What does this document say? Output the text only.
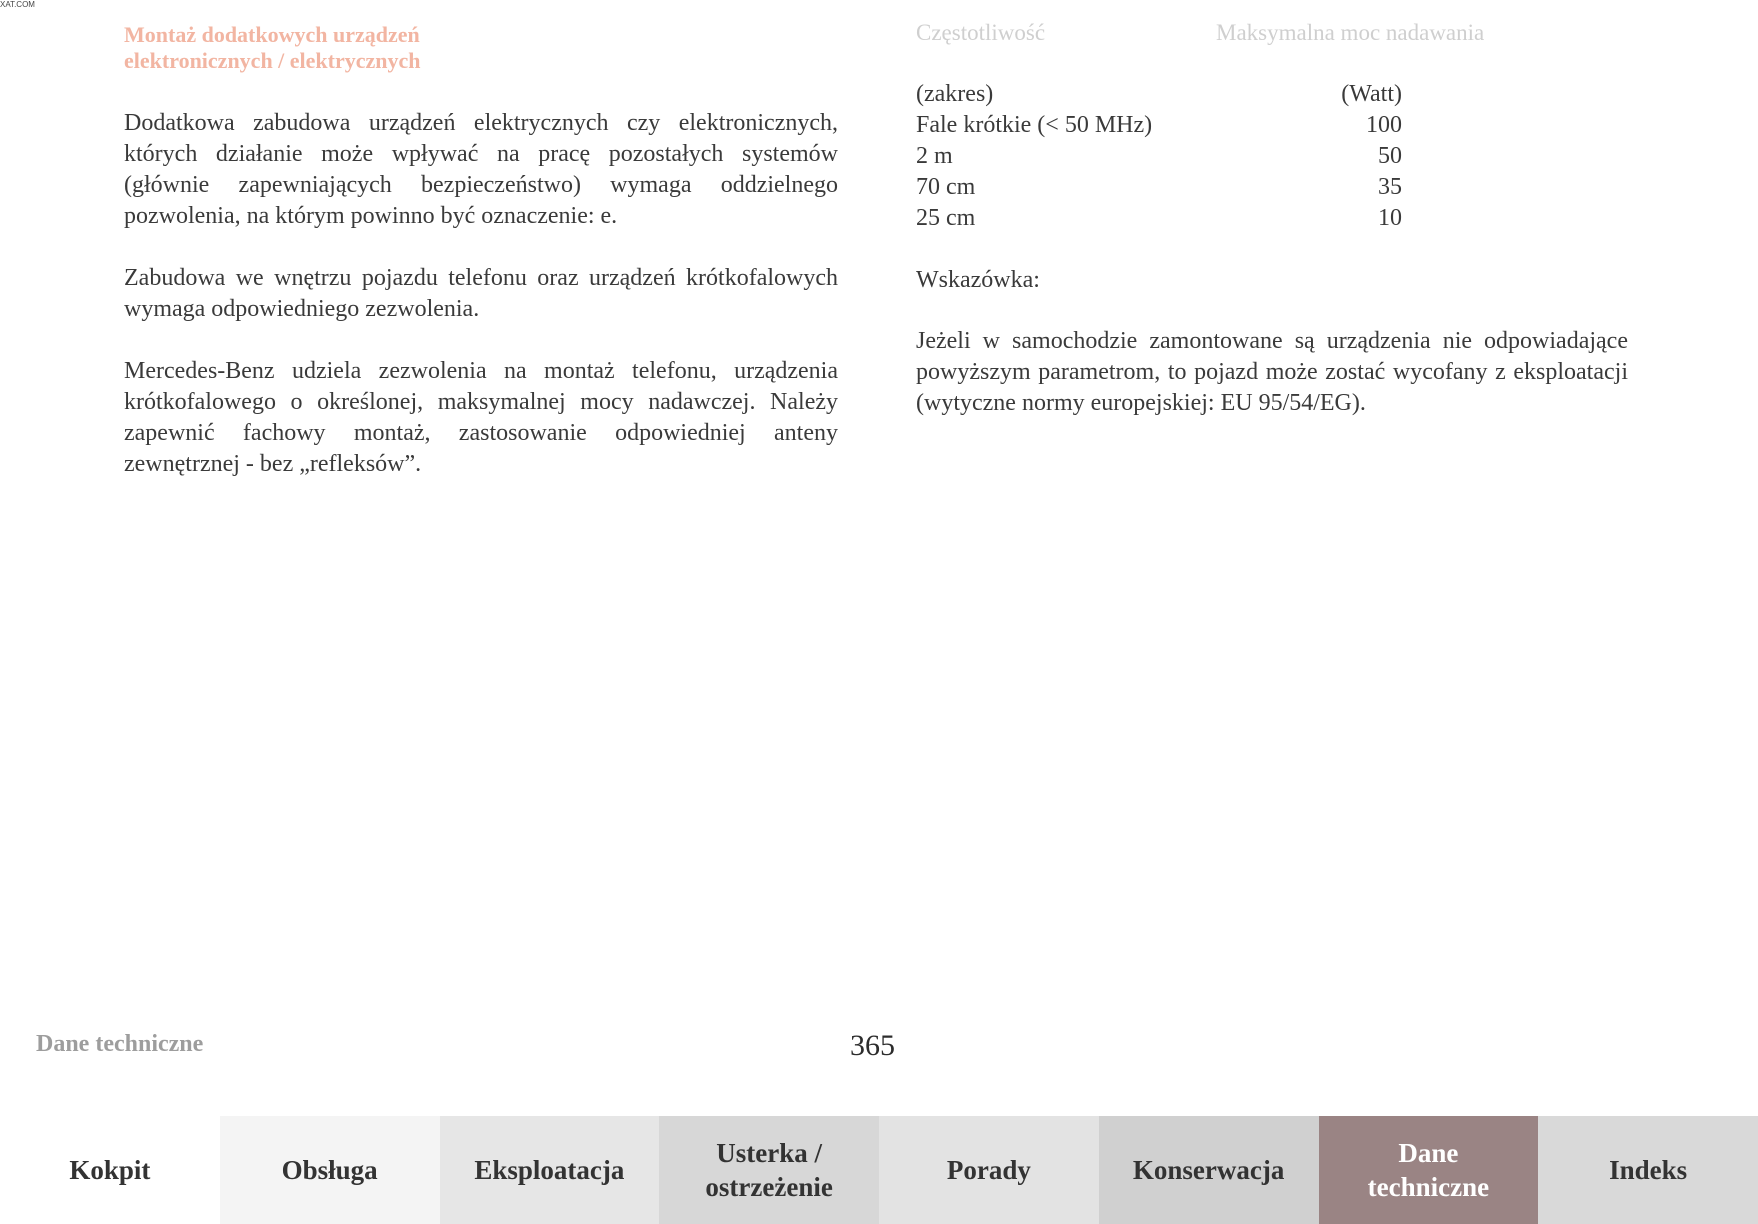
XAT.COM
Montaż dodatkowych urządzeń
elektronicznych / elektrycznych

Dodatkowa zabudowa urządzeń elektrycznych czy elektronicznych, których działanie może wpływać na pracę pozostałych systemów (głównie zapewniających bezpieczeństwo) wymaga oddzielnego pozwolenia, na którym powinno być oznaczenie: e.

Zabudowa we wnętrzu pojazdu telefonu oraz urządzeń krótkofalowych wymaga odpowiedniego zezwolenia.

Mercedes-Benz udziela zezwolenia na montaż telefonu, urządzenia krótkofalowego o określonej, maksymalnej mocy nadawczej. Należy zapewnić fachowy montaż, zastosowanie odpowiedniej anteny zewnętrznej - bez „refleksów”.

Częstotliwość	Maksymalna moc nadawania
(zakres)	(Watt)
Fale krótkie (< 50 MHz)	100
2 m	50
70 cm	35
25 cm	10
Wskazówka:
Jeżeli w samochodzie zamontowane są urządzenia nie odpowiadające powyższym parametrom, to pojazd może zostać wycofany z eksploatacji (wytyczne normy europejskiej: EU 95/54/EG).
Dane techniczne	365
Kokpit	Obsługa	Eksploatacja
Usterka /
ostrzeżenie
Porady	Konserwacja
Dane
techniczne
Indeks
